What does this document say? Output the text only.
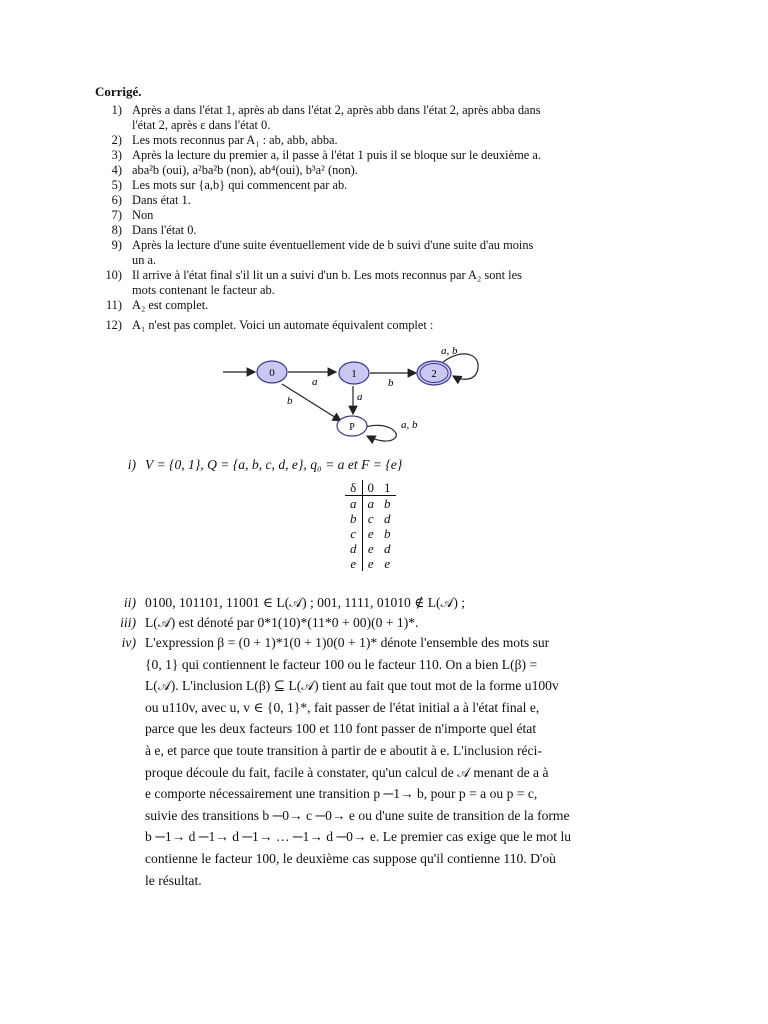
Corrigé.
1) Après a dans l'état 1, après ab dans l'état 2, après abb dans l'état 2, après abba dans
l'état 2, après ε dans l'état 0.
2) Les mots reconnus par A₁ : ab, abb, abba.
3) Après la lecture du premier a, il passe à l'état 1 puis il se bloque sur le deuxième a.
4) aba²b (oui), a²ba²b (non), ab⁴(oui), b³a² (non).
5) Les mots sur {a,b} qui commencent par ab.
6) Dans état 1.
7) Non
8) Dans l'état 0.
9) Après la lecture d'une suite éventuellement vide de b suivi d'une suite d'au moins
un a.
10) Il arrive à l'état final s'il lit un a suivi d'un b. Les mots reconnus par A₂ sont les
mots contenant le facteur ab.
11) A₂ est complet.
12) A₁ n'est pas complet. Voici un automate équivalent complet :
0	1	2
P
a	b
a, b
b	a
a, b
i) V = {0, 1}, Q = {a, b, c, d, e}, q₀ = a et F = {e}
δ	0	1
a	a	b
b	c	d
c	e	b
d	e	d
e	e	e
ii) 0100, 101101, 11001 ∈ L(𝒜) ; 001, 1111, 01010 ∉ L(𝒜) ;
iii) L(𝒜) est dénoté par 0*1(10)*(11*0 + 00)(0 + 1)*.
iv) L'expression β = (0 + 1)*1(0 + 1)0(0 + 1)* dénote l'ensemble des mots sur
{0, 1} qui contiennent le facteur 100 ou le facteur 110. On a bien L(β) =
L(𝒜). L'inclusion L(β) ⊆ L(𝒜) tient au fait que tout mot de la forme u100v
ou u110v, avec u, v ∈ {0, 1}*, fait passer de l'état initial a à l'état final e,
parce que les deux facteurs 100 et 110 font passer de n'importe quel état
à e, et parce que toute transition à partir de e aboutit à e. L'inclusion réci-
proque découle du fait, facile à constater, qu'un calcul de 𝒜 menant de a à
e comporte nécessairement une transition p ─1→ b, pour p = a ou p = c,
suivie des transitions b ─0→ c ─0→ e ou d'une suite de transition de la forme
b ─1→ d ─1→ d ─1→ … ─1→ d ─0→ e. Le premier cas exige que le mot lu
contienne le facteur 100, le deuxième cas suppose qu'il contienne 110. D'où
le résultat.
